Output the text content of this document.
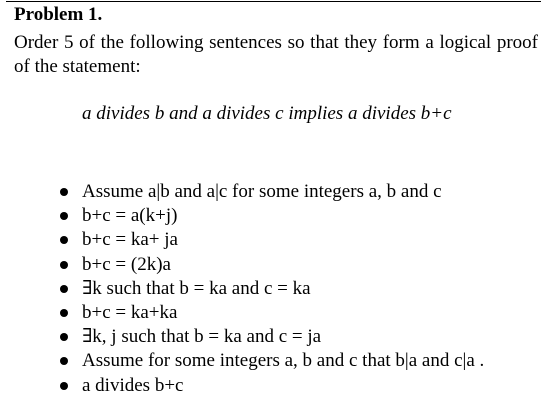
Problem 1.
Order 5 of the following sentences so that they form a logical proof of the statement:
a divides b and a divides c implies a divides b+c
Assume a|b and a|c for some integers a, b and c
b+c = a(k+j)
b+c = ka+ ja
b+c = (2k)a
∃k such that b = ka and c = ka
b+c = ka+ka
∃k, j such that b = ka and c = ja
Assume for some integers a, b and c that b|a and c|a .
a divides b+c
